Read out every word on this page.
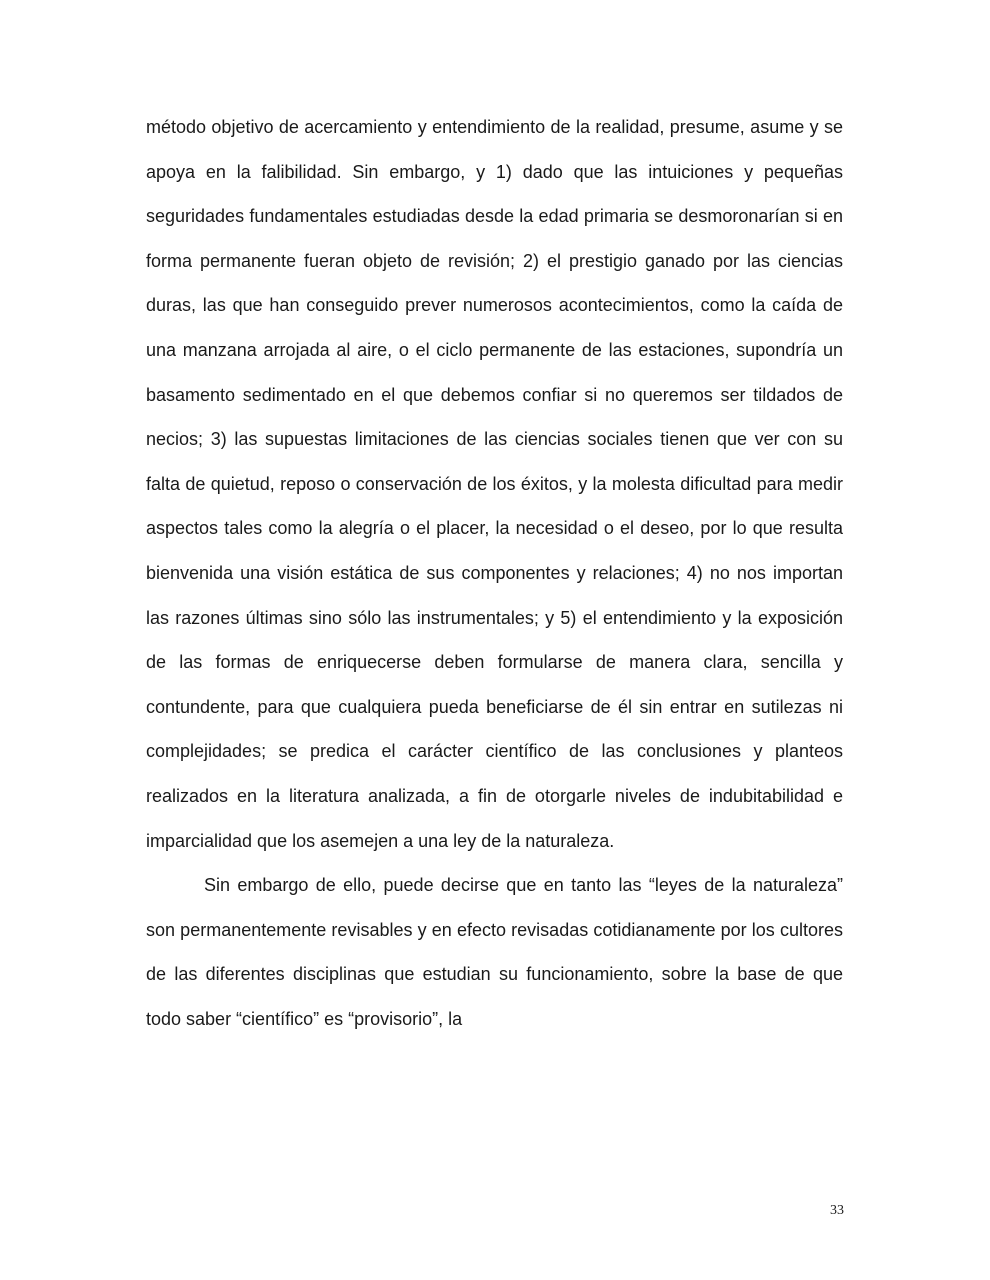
método objetivo de acercamiento y entendimiento de la realidad, presume, asume y se apoya en la falibilidad. Sin embargo, y 1) dado que las intuiciones y pequeñas seguridades fundamentales estudiadas desde la edad primaria se desmoronarían si en forma permanente fueran objeto de revisión; 2) el prestigio ganado por las ciencias duras, las que han conseguido prever numerosos acontecimientos, como la caída de una manzana arrojada al aire, o el ciclo permanente de las estaciones, supondría un basamento sedimentado en el que debemos confiar si no queremos ser tildados de necios; 3) las supuestas limitaciones de las ciencias sociales tienen que ver con su falta de quietud, reposo o conservación de los éxitos, y la molesta dificultad para medir aspectos tales como la alegría o el placer, la necesidad o el deseo, por lo que resulta bienvenida una visión estática de sus componentes y relaciones; 4) no nos importan las razones últimas sino sólo las instrumentales; y 5) el entendimiento y la exposición de las formas de enriquecerse deben formularse de manera clara, sencilla y contundente, para que cualquiera pueda beneficiarse de él sin entrar en sutilezas ni complejidades; se predica el carácter científico de las conclusiones y planteos realizados en la literatura analizada, a fin de otorgarle niveles de indubitabilidad e imparcialidad que los asemejen a una ley de la naturaleza.

Sin embargo de ello, puede decirse que en tanto las “leyes de la naturaleza” son permanentemente revisables y en efecto revisadas cotidianamente por los cultores de las diferentes disciplinas que estudian su funcionamiento, sobre la base de que todo saber “científico” es “provisorio”, la

33
